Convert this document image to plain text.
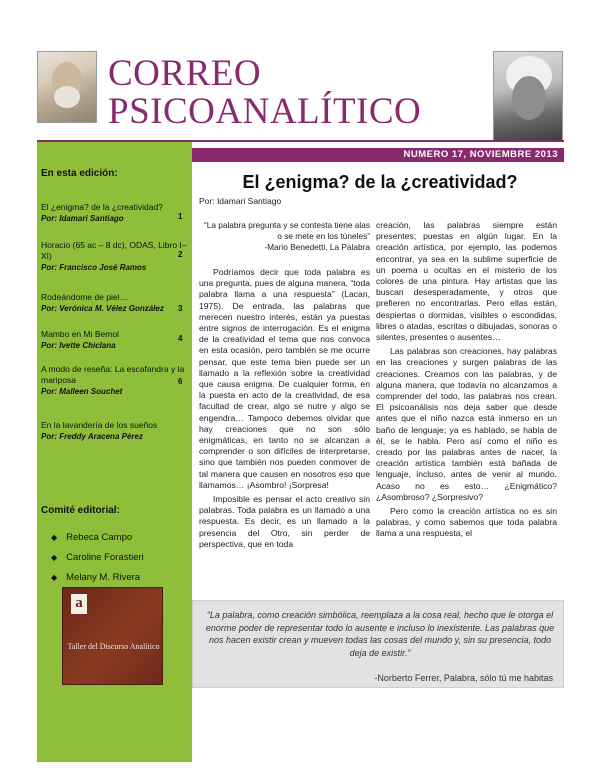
CORREO
PSICOANALÍTICO
En esta edición:
El ¿enigma? de la ¿creatividad?
Por: Idamari Santiago	1
Horacio (65 ac – 8 dc), ODAS, Libro I–XI)
Por: Francisco José Ramos
2
Rodeándome de piel…
Por: Verónica M. Vélez González	3
Mambo en Mi Bemol
Por: Ivette Chiclana
4
A modo de reseña: La escafandra y la mariposa
Por: Malleen Souchet
6
En la lavandería de los sueños
Por: Freddy Aracena Pérez
Comité editorial:
◆ Rebeca Campo
◆ Caroline Forastieri
◆ Melany M. Rivera
a
Taller del Discurso Analítico
NUMERO 17, NOVIEMBRE 2013
El ¿enigma? de la ¿creatividad?
Por: Idamari Santiago
“La palabra pregunta y se contesta tiene alas o se mete en los túneles”
-Mario Benedetti, La Palabra

Podríamos decir que toda palabra es una pregunta, pues de alguna manera, “toda palabra llama a una respuesta” (Lacan, 1975). De entrada, las palabras que merecen nuestro interés, están ya puestas entre signos de interrogación. Es el enigma de la creatividad el tema que nos convoca en esta ocasión, pero también se me ocurre pensar, que este tema bien puede ser un llamado a la reflexión sobre la creatividad que causa enigma. De cualquier forma, en la puesta en acto de la creatividad, de esa facultad de crear, algo se nutre y algo se engendra… Tampoco debemos olvidar que hay creaciones que no son sólo enigmáticas, en tanto no se alcanzan a comprender o son difíciles de interpretarse, sino que también nos pueden conmover de tal manera que causen en nosotros eso que llamamos… ¡Asombro! ¡Sorpresa!

Imposible es pensar el acto creativo sin palabras. Toda palabra es un llamado a una respuesta. Es decir, es un llamado a la presencia del Otro, sin perder de perspectiva, que en toda

creación, las palabras siempre están presentes; puestas en algún lugar. En la creación artística, por ejemplo, las podemos encontrar, ya sea en la sublime superficie de un poema u ocultas en el misterio de los colores de una pintura. Hay artistas que las buscan desesperadamente, y otros que prefieren no encontrarlas. Pero ellas están, despiertas o dormidas, visibles o escondidas, libres o atadas, escritas o dibujadas, sonoras o silentes, presentes o ausentes…

Las palabras son creaciones, hay palabras en las creaciones y surgen palabras de las creaciones. Creamos con las palabras, y de alguna manera, que todavía no alcanzamos a comprender del todo, las palabras nos crean. El psicoanálisis nos deja saber que desde antes que el niño nazca está inmerso en un baño de lenguaje; ya es hablado, se habla de él, se le habla. Pero así como el niño es creado por las palabras antes de nacer, la creación artística también está bañada de lenguaje, incluso, antes de venir al mundo. Acaso no es esto… ¿Enigmático? ¿Asombroso? ¿Sorpresivo?

Pero como la creación artística no es sin palabras, y como sabemos que toda palabra llama a una respuesta, el

“La palabra, como creación simbólica, reemplaza a la cosa real, hecho que le otorga el enorme poder de representar todo lo ausente e incluso lo inexistente. Las palabras que nos hacen existir crean y mueven todas las cosas del mundo y, sin su presencia, todo deja de existir.”
-Norberto Ferrer, Palabra, sólo tú me habitas
